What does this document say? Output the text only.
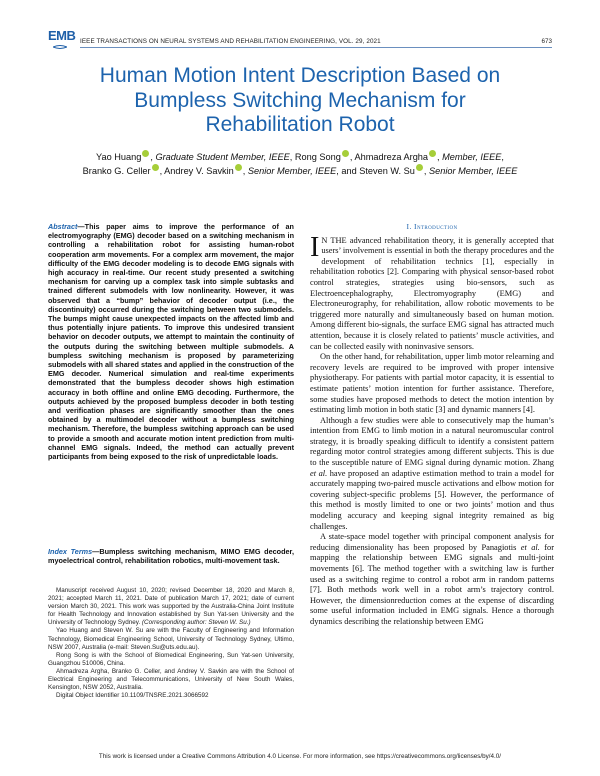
EMB IEEE TRANSACTIONS ON NEURAL SYSTEMS AND REHABILITATION ENGINEERING, VOL. 29, 2021	673
Human Motion Intent Description Based on
Bumpless Switching Mechanism for
Rehabilitation Robot
Yao Huang , Graduate Student Member, IEEE, Rong Song , Ahmadreza Argha , Member, IEEE,
Branko G. Celler , Andrey V. Savkin , Senior Member, IEEE, and Steven W. Su , Senior Member, IEEE
Abstract—This paper aims to improve the performance of an electromyography (EMG) decoder based on a switching mechanism in controlling a rehabilitation robot for assisting human-robot cooperation arm movements. For a complex arm movement, the major difficulty of the EMG decoder modeling is to decode EMG signals with high accuracy in real-time. Our recent study presented a switching mechanism for carving up a complex task into simple subtasks and trained different submodels with low nonlinearity. However, it was observed that a “bump” behavior of decoder output (i.e., the discontinuity) occurred during the switching between two submodels. The bumps might cause unexpected impacts on the affected limb and thus potentially injure patients. To improve this undesired transient behavior on decoder outputs, we attempt to maintain the continuity of the outputs during the switching between multiple submodels. A bumpless switching mechanism is proposed by parameterizing submodels with all shared states and applied in the construction of the EMG decoder. Numerical simulation and real-time experiments demonstrated that the bumpless decoder shows high estimation accuracy in both offline and online EMG decoding. Furthermore, the outputs achieved by the proposed bumpless decoder in both testing and verification phases are significantly smoother than the ones obtained by a multimodel decoder without a bumpless switching mechanism. Therefore, the bumpless switching approach can be used to provide a smooth and accurate motion intent prediction from multi-channel EMG signals. Indeed, the method can actually prevent participants from being exposed to the risk of unpredictable loads.
Index Terms—Bumpless switching mechanism, MIMO EMG decoder, myoelectrical control, rehabilitation robotics, multi-movement task.

Manuscript received August 10, 2020; revised December 18, 2020 and March 8, 2021; accepted March 11, 2021. Date of publication March 17, 2021; date of current version March 30, 2021. This work was supported by the Australia-China Joint Institute for Health Technology and Innovation established by Sun Yat-sen University and the University of Technology Sydney. (Corresponding author: Steven W. Su.)

Yao Huang and Steven W. Su are with the Faculty of Engineering and Information Technology, Biomedical Engineering School, University of Technology Sydney, Ultimo, NSW 2007, Australia (e-mail: Steven.Su@uts.edu.au).

Rong Song is with the School of Biomedical Engineering, Sun Yat-sen University, Guangzhou 510006, China.

Ahmadreza Argha, Branko G. Celler, and Andrey V. Savkin are with the School of Electrical Engineering and Telecommunications, University of New South Wales, Kensington, NSW 2052, Australia.

Digital Object Identifier 10.1109/TNSRE.2021.3066592

I. Introduction

I N THE advanced rehabilitation theory, it is generally accepted that users’ involvement is essential in both the therapy procedures and the development of rehabilitation technics [1], especially in rehabilitation robotics [2]. Comparing with physical sensor-based robot control strategies, strategies using bio-sensors, such as Electroencephalography, Electromyography (EMG) and Electroneurography, for rehabilitation, allow robotic movements to be triggered more naturally and simultaneously based on human motion. Among different bio-signals, the surface EMG signal has attracted much attention, because it is closely related to patients’ muscle activities, and can be collected easily with noninvasive sensors.

On the other hand, for rehabilitation, upper limb motor relearning and recovery levels are required to be improved with proper intensive physiotherapy. For patients with partial motor capacity, it is essential to estimate patients’ motion intention for further assistance. Therefore, some studies have proposed methods to detect the motion intention by estimating limb motion in both static [3] and dynamic manners [4].

Although a few studies were able to consecutively map the human’s intention from EMG to limb motion in a natural neuromuscular control strategy, it is broadly speaking difficult to identify a consistent pattern regarding motor control strategies among different subjects. This is due to the susceptible nature of EMG signal during dynamic motion. Zhang et al. have proposed an adaptive estimation method to train a model for accurately mapping two-paired muscle activations and elbow motion for covering subject-specific problems [5]. However, the performance of this method is mostly limited to one or two joints’ motion and thus modeling accuracy and keeping signal integrity remained as big challenges.

A state-space model together with principal component analysis for reducing dimensionality has been proposed by Panagiotis et al. for mapping the relationship between EMG signals and multi-joint movements [6]. The method together with a switching law is further used as a switching regime to control a robot arm in random patterns [7]. Both methods work well in a robot arm’s trajectory control. However, the dimensionreduction comes at the expense of discarding some useful information included in EMG signals. Hence a thorough dynamics describing the relationship between EMG

This work is licensed under a Creative Commons Attribution 4.0 License. For more information, see https://creativecommons.org/licenses/by/4.0/
